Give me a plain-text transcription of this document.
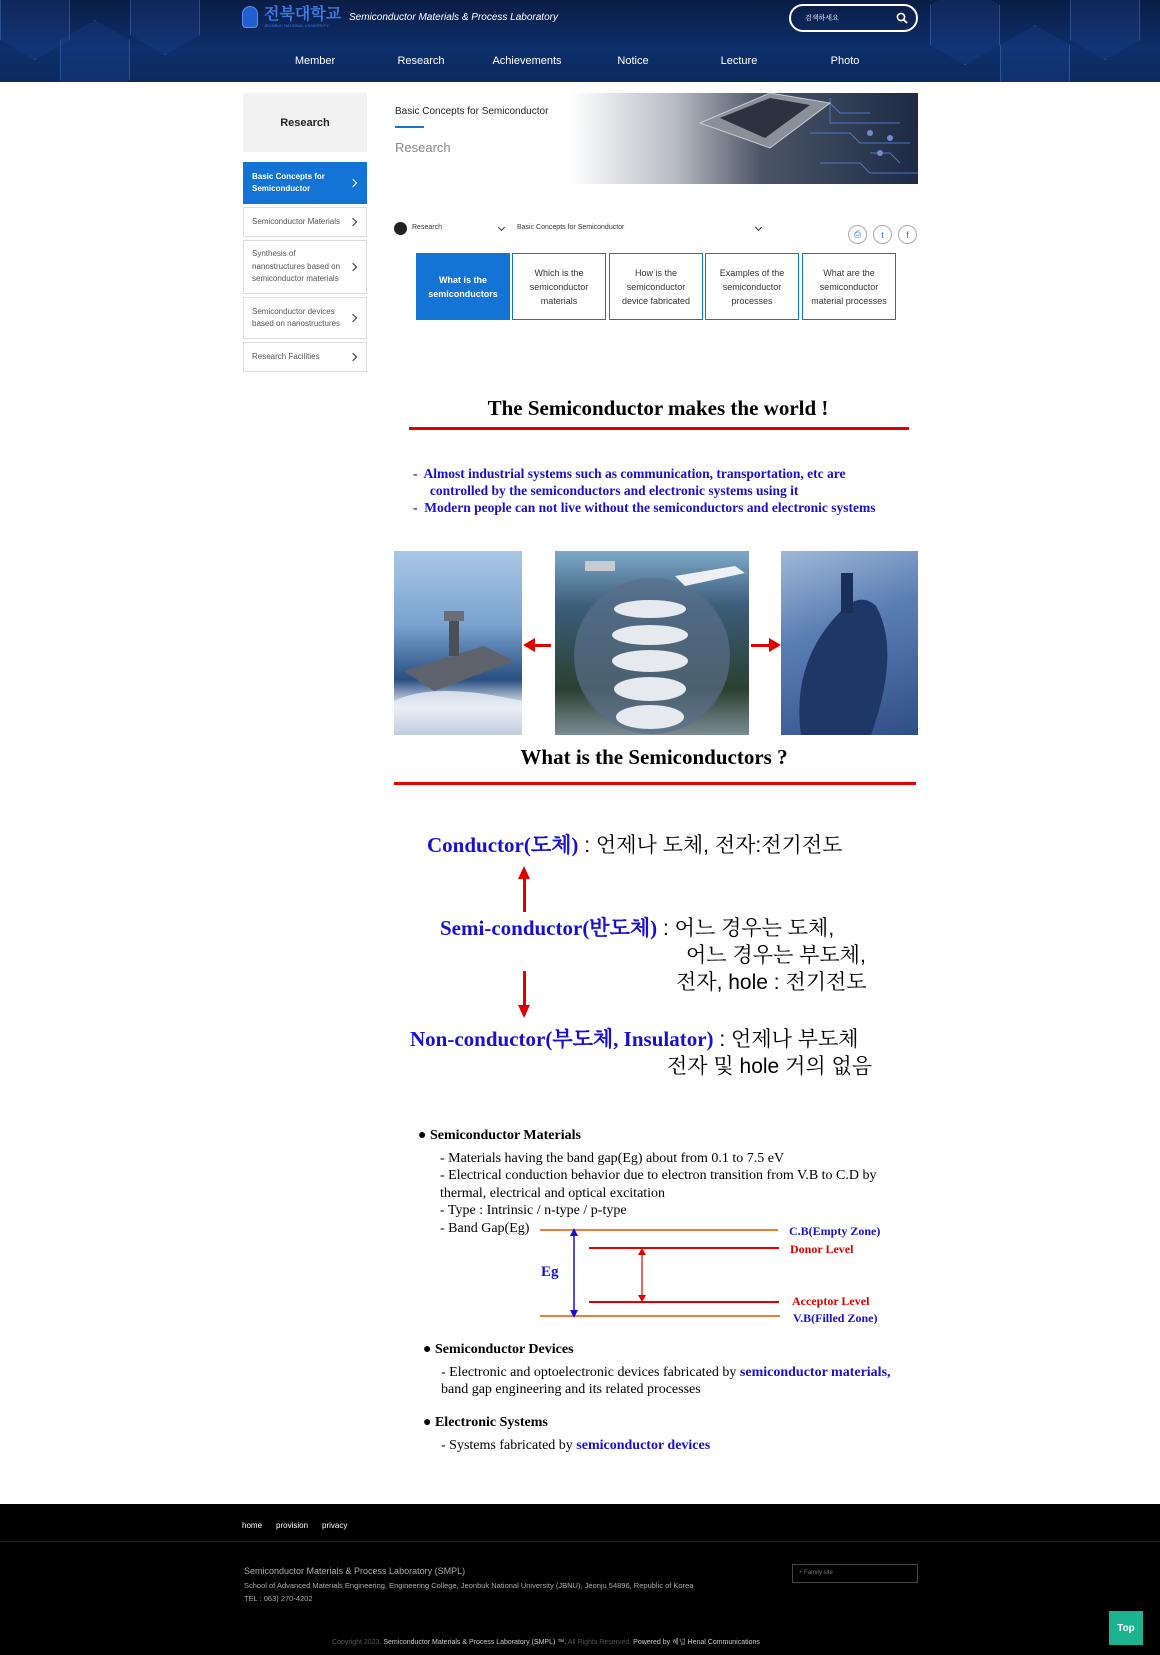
전북대학교
JEONBUK NATIONAL UNIVERSITY
Semiconductor Materials & Process Laboratory	검색하세요
Member	Research	Achievements	Notice	Lecture	Photo
Research
Basic Concepts for Semiconductor
Semiconductor Materials
Synthesis of nanostructures based on semiconductor materials
Semiconductor devices based on nanostructures
Research Facilities
Basic Concepts for Semiconductor
Research
Research	Basic Concepts for Semiconductor
⎙	t	f
What is the semiconductors
Which is the semiconductor materials
How is the semiconductor device fabricated
Examples of the semiconductor processes
What are the semiconductor material processes
The Semiconductor makes the world !
-  Almost industrial systems such as communication, transportation, etc are
controlled by the semiconductors and electronic systems using it
-  Modern people can not live without the semiconductors and electronic systems
What is the Semiconductors ?
Conductor(도체) : 언제나 도체, 전자:전기전도
Semi-conductor(반도체) : 어느 경우는 도체,
어느 경우는 부도체,
전자, hole : 전기전도
Non-conductor(부도체, Insulator) : 언제나 부도체
전자 및 hole 거의 없음
● Semiconductor Materials
- Materials having the band gap(Eg) about from 0.1 to 7.5 eV
- Electrical conduction behavior due to electron transition from V.B to C.D by
thermal, electrical and optical excitation
- Type : Intrinsic / n-type / p-type
- Band Gap(Eg)	C.B(Empty Zone)
Donor Level
Acceptor Level
V.B(Filled Zone)
Eg
● Semiconductor Devices
- Electronic and optoelectronic devices fabricated by semiconductor materials,
band gap engineering and its related processes
● Electronic Systems
- Systems fabricated by semiconductor devices
home provision privacy
Semiconductor Materials & Process Laboratory (SMPL)
School of Advanced Materials Engineering, Engineering College, Jeonbuk National University (JBNU), Jeonju 54896, Republic of Korea
TEL : 063) 270-4202
+ Family site
Copyright 2023. Semiconductor Materials & Process Laboratory (SMPL) ™. All Rights Reserved. Powered by 헤널 Henal Communications
Top
